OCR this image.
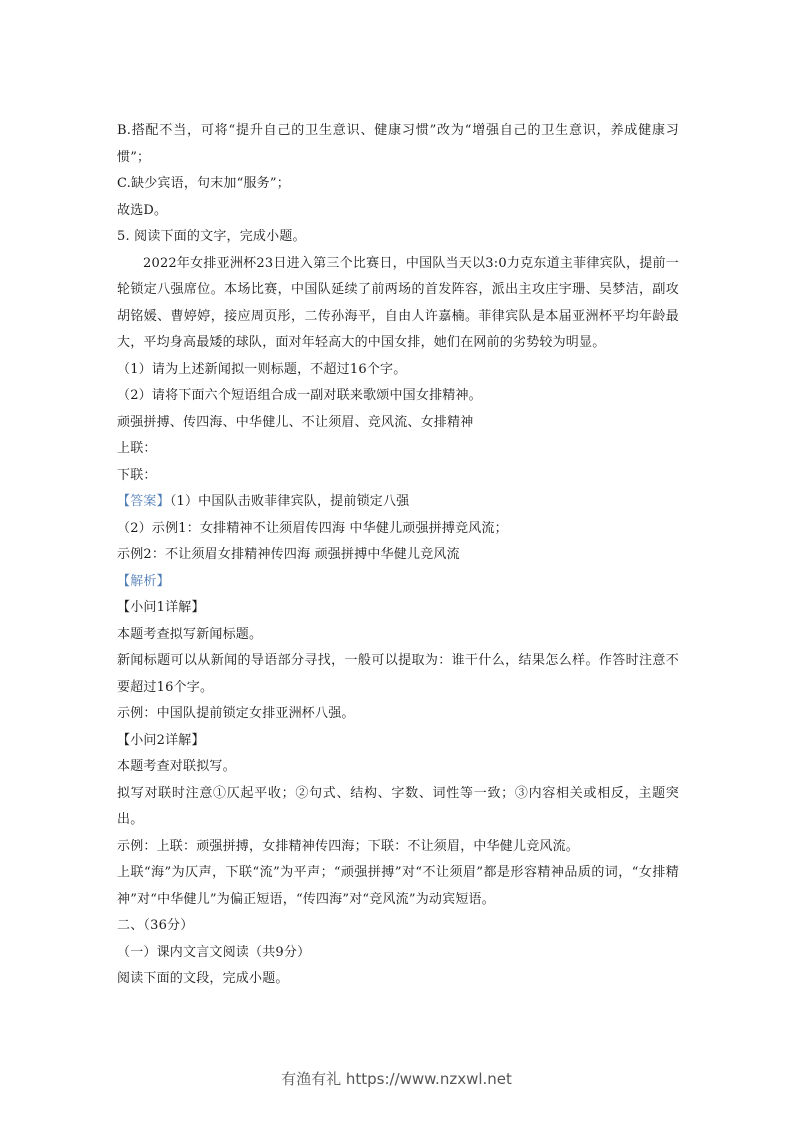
B.搭配不当，可将“提升自己的卫生意识、健康习惯”改为“增强自己的卫生意识，养成健康习惯”；
C.缺少宾语，句末加“服务”；
故选D。
5. 阅读下面的文字，完成小题。
2022年女排亚洲杯23日进入第三个比赛日，中国队当天以3:0力克东道主菲律宾队，提前一轮锁定八强席位。本场比赛，中国队延续了前两场的首发阵容，派出主攻庄宇珊、吴梦洁，副攻胡铭媛、曹婷婷，接应周页彤，二传孙海平，自由人许嘉楠。菲律宾队是本届亚洲杯平均年龄最大，平均身高最矮的球队，面对年轻高大的中国女排，她们在网前的劣势较为明显。
（1）请为上述新闻拟一则标题，不超过16个字。
（2）请将下面六个短语组合成一副对联来歌颂中国女排精神。
顽强拼搏、传四海、中华健儿、不让须眉、竞风流、女排精神
上联：
下联：
【答案】（1）中国队击败菲律宾队，提前锁定八强
（2）示例1：女排精神不让须眉传四海 中华健儿顽强拼搏竞风流；
示例2：不让须眉女排精神传四海 顽强拼搏中华健儿竞风流
【解析】
【小问1详解】
本题考查拟写新闻标题。
新闻标题可以从新闻的导语部分寻找，一般可以提取为：谁干什么，结果怎么样。作答时注意不要超过16个字。
示例：中国队提前锁定女排亚洲杯八强。
【小问2详解】
本题考查对联拟写。
拟写对联时注意①仄起平收；②句式、结构、字数、词性等一致；③内容相关或相反，主题突出。
示例：上联：顽强拼搏，女排精神传四海；下联：不让须眉，中华健儿竞风流。
上联“海”为仄声，下联“流”为平声；“顽强拼搏”对“不让须眉”都是形容精神品质的词，“女排精神”对“中华健儿”为偏正短语，“传四海”对“竞风流”为动宾短语。
二、（36分）
（一）课内文言文阅读（共9分）
阅读下面的文段，完成小题。
有渔有礼 https://www.nzxwl.net
